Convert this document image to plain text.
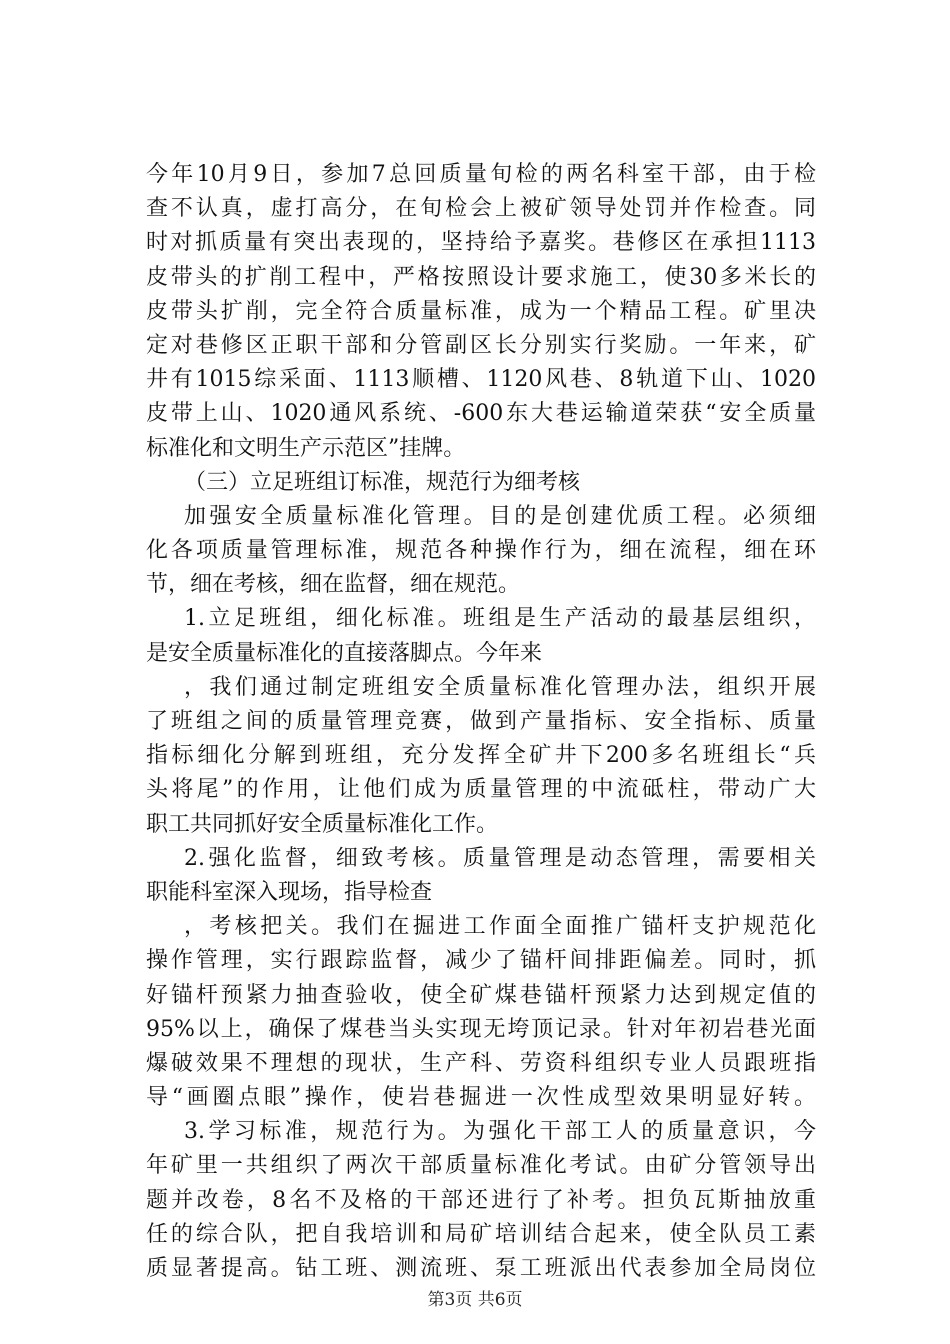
今年10月9日，参加7总回质量旬检的两名科室干部，由于检
查不认真，虚打高分，在旬检会上被矿领导处罚并作检查。同
时对抓质量有突出表现的，坚持给予嘉奖。巷修区在承担1113
皮带头的扩削工程中，严格按照设计要求施工，使30多米长的
皮带头扩削，完全符合质量标准，成为一个精品工程。矿里决
定对巷修区正职干部和分管副区长分别实行奖励。一年来，矿
井有1015综采面、1113顺槽、1120风巷、8轨道下山、1020
皮带上山、1020通风系统、-600东大巷运输道荣获“安全质量
标准化和文明生产示范区”挂牌。
（三）立足班组订标准，规范行为细考核
加强安全质量标准化管理。目的是创建优质工程。必须细
化各项质量管理标准，规范各种操作行为，细在流程，细在环
节，细在考核，细在监督，细在规范。
1.立足班组，细化标准。班组是生产活动的最基层组织，
是安全质量标准化的直接落脚点。今年来
，我们通过制定班组安全质量标准化管理办法，组织开展
了班组之间的质量管理竞赛，做到产量指标、安全指标、质量
指标细化分解到班组，充分发挥全矿井下200多名班组长“兵
头将尾”的作用，让他们成为质量管理的中流砥柱，带动广大
职工共同抓好安全质量标准化工作。
2.强化监督，细致考核。质量管理是动态管理，需要相关
职能科室深入现场，指导检查
，考核把关。我们在掘进工作面全面推广锚杆支护规范化
操作管理，实行跟踪监督，减少了锚杆间排距偏差。同时，抓
好锚杆预紧力抽查验收，使全矿煤巷锚杆预紧力达到规定值的
95%以上，确保了煤巷当头实现无垮顶记录。针对年初岩巷光面
爆破效果不理想的现状，生产科、劳资科组织专业人员跟班指
导“画圈点眼”操作，使岩巷掘进一次性成型效果明显好转。
3.学习标准，规范行为。为强化干部工人的质量意识，今
年矿里一共组织了两次干部质量标准化考试。由矿分管领导出
题并改卷，8名不及格的干部还进行了补考。担负瓦斯抽放重
任的综合队，把自我培训和局矿培训结合起来，使全队员工素
质显著提高。钻工班、测流班、泵工班派出代表参加全局岗位
第3页 共6页
